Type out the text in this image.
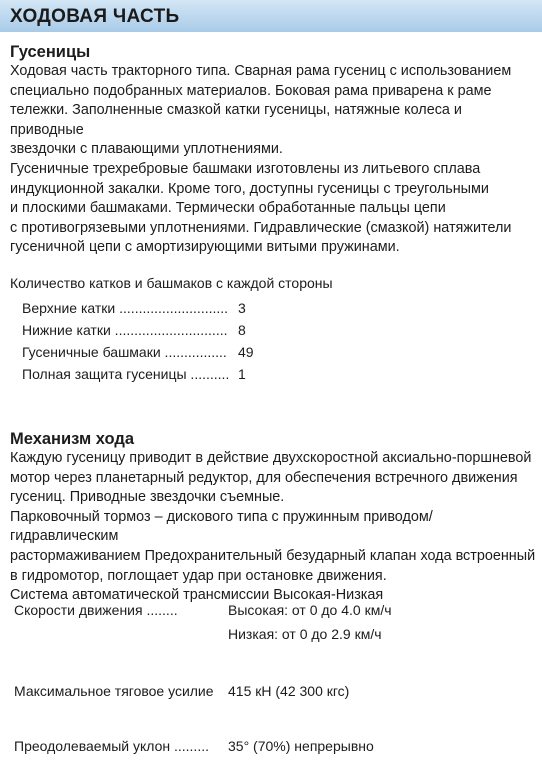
ХОДОВАЯ ЧАСТЬ
Гусеницы

Ходовая часть тракторного типа. Сварная рама гусениц с использованием
специально подобранных материалов. Боковая рама приварена к раме
тележки. Заполненные смазкой катки гусеницы, натяжные колеса и приводные
звездочки с плавающими уплотнениями.
Гусеничные трехребровые башмаки изготовлены из литьевого сплава
индукционной закалки. Кроме того, доступны гусеницы с треугольными
и плоскими башмаками. Термически обработанные пальцы цепи
с противогрязевыми уплотнениями. Гидравлические (смазкой) натяжители
гусеничной цепи с амортизирующими витыми пружинами.

Количество катков и башмаков с каждой стороны

Верхние катки .....	3
Нижние катки .....	8
Гусеничные башмаки .....	49
Полная защита гусеницы .....	1
Механизм хода

Каждую гусеницу приводит в действие двухскоростной аксиально-поршневой
мотор через планетарный редуктор, для обеспечения встречного движения
гусениц. Приводные звездочки съемные.
Парковочный тормоз – дискового типа с пружинным приводом/гидравлическим
растормаживанием Предохранительный безударный клапан хода встроенный
в гидромотор, поглощает удар при остановке движения.
Система автоматической трансмиссии Высокая-Низкая

Скорости движения ........	Высокая: от 0 до 4.0 км/ч
Низкая: от 0 до 2.9 км/ч
Максимальное тяговое усилие 415 кН (42 300 кгс)
Преодолеваемый уклон ......... 35° (70%) непрерывно
